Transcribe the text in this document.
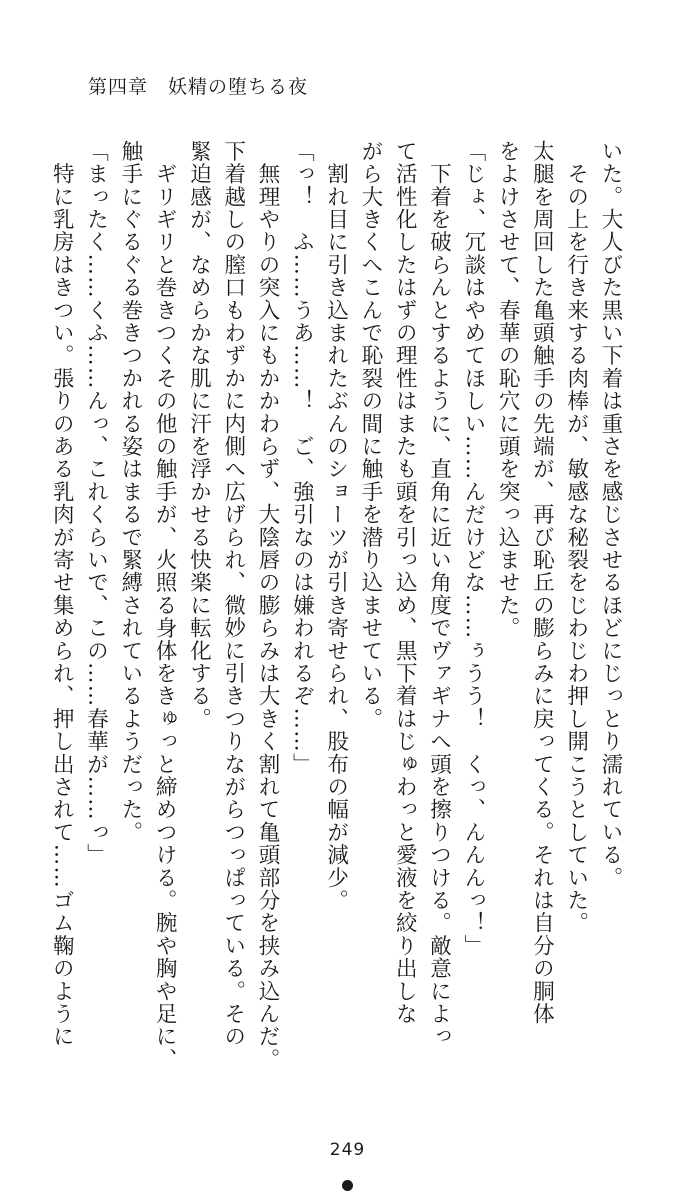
第四章　妖精の堕ちる夜
いた。大人びた黒い下着は重さを感じさせるほどにじっとり濡れている。
　その上を行き来する肉棒が、敏感な秘裂をじわじわ押し開こうとしていた。
太腿を周回した亀頭触手の先端が、再び恥丘の膨らみに戻ってくる。それは自分の胴体
をよけさせて、春華の恥穴に頭を突っ込ませた。
「じょ、冗談はやめてほしい……んだけどな……ぅうう！　くっ、んんんっ！」
　下着を破らんとするように、直角に近い角度でヴァギナへ頭を擦りつける。敵意によっ
て活性化したはずの理性はまたも頭を引っ込め、黒下着はじゅわっと愛液を絞り出しな
がら大きくへこんで恥裂の間に触手を潜り込ませている。
　割れ目に引き込まれたぶんのショーツが引き寄せられ、股布の幅が減少。
「っ！　ふ……うあ……！　ご、強引なのは嫌われるぞ……」
　無理やりの突入にもかかわらず、大陰唇の膨らみは大きく割れて亀頭部分を挟み込んだ。
下着越しの膣口もわずかに内側へ広げられ、微妙に引きつりながらつっぱっている。その
緊迫感が、なめらかな肌に汗を浮かせる快楽に転化する。
　ギリギリと巻きつくその他の触手が、火照る身体をきゅっと締めつける。腕や胸や足に、
触手にぐるぐる巻きつかれる姿はまるで緊縛されているようだった。
「まったく……くふ……んっ、これくらいで、この……春華が……っ」
　特に乳房はきつい。張りのある乳肉が寄せ集められ、押し出されて……ゴム鞠のように
249
